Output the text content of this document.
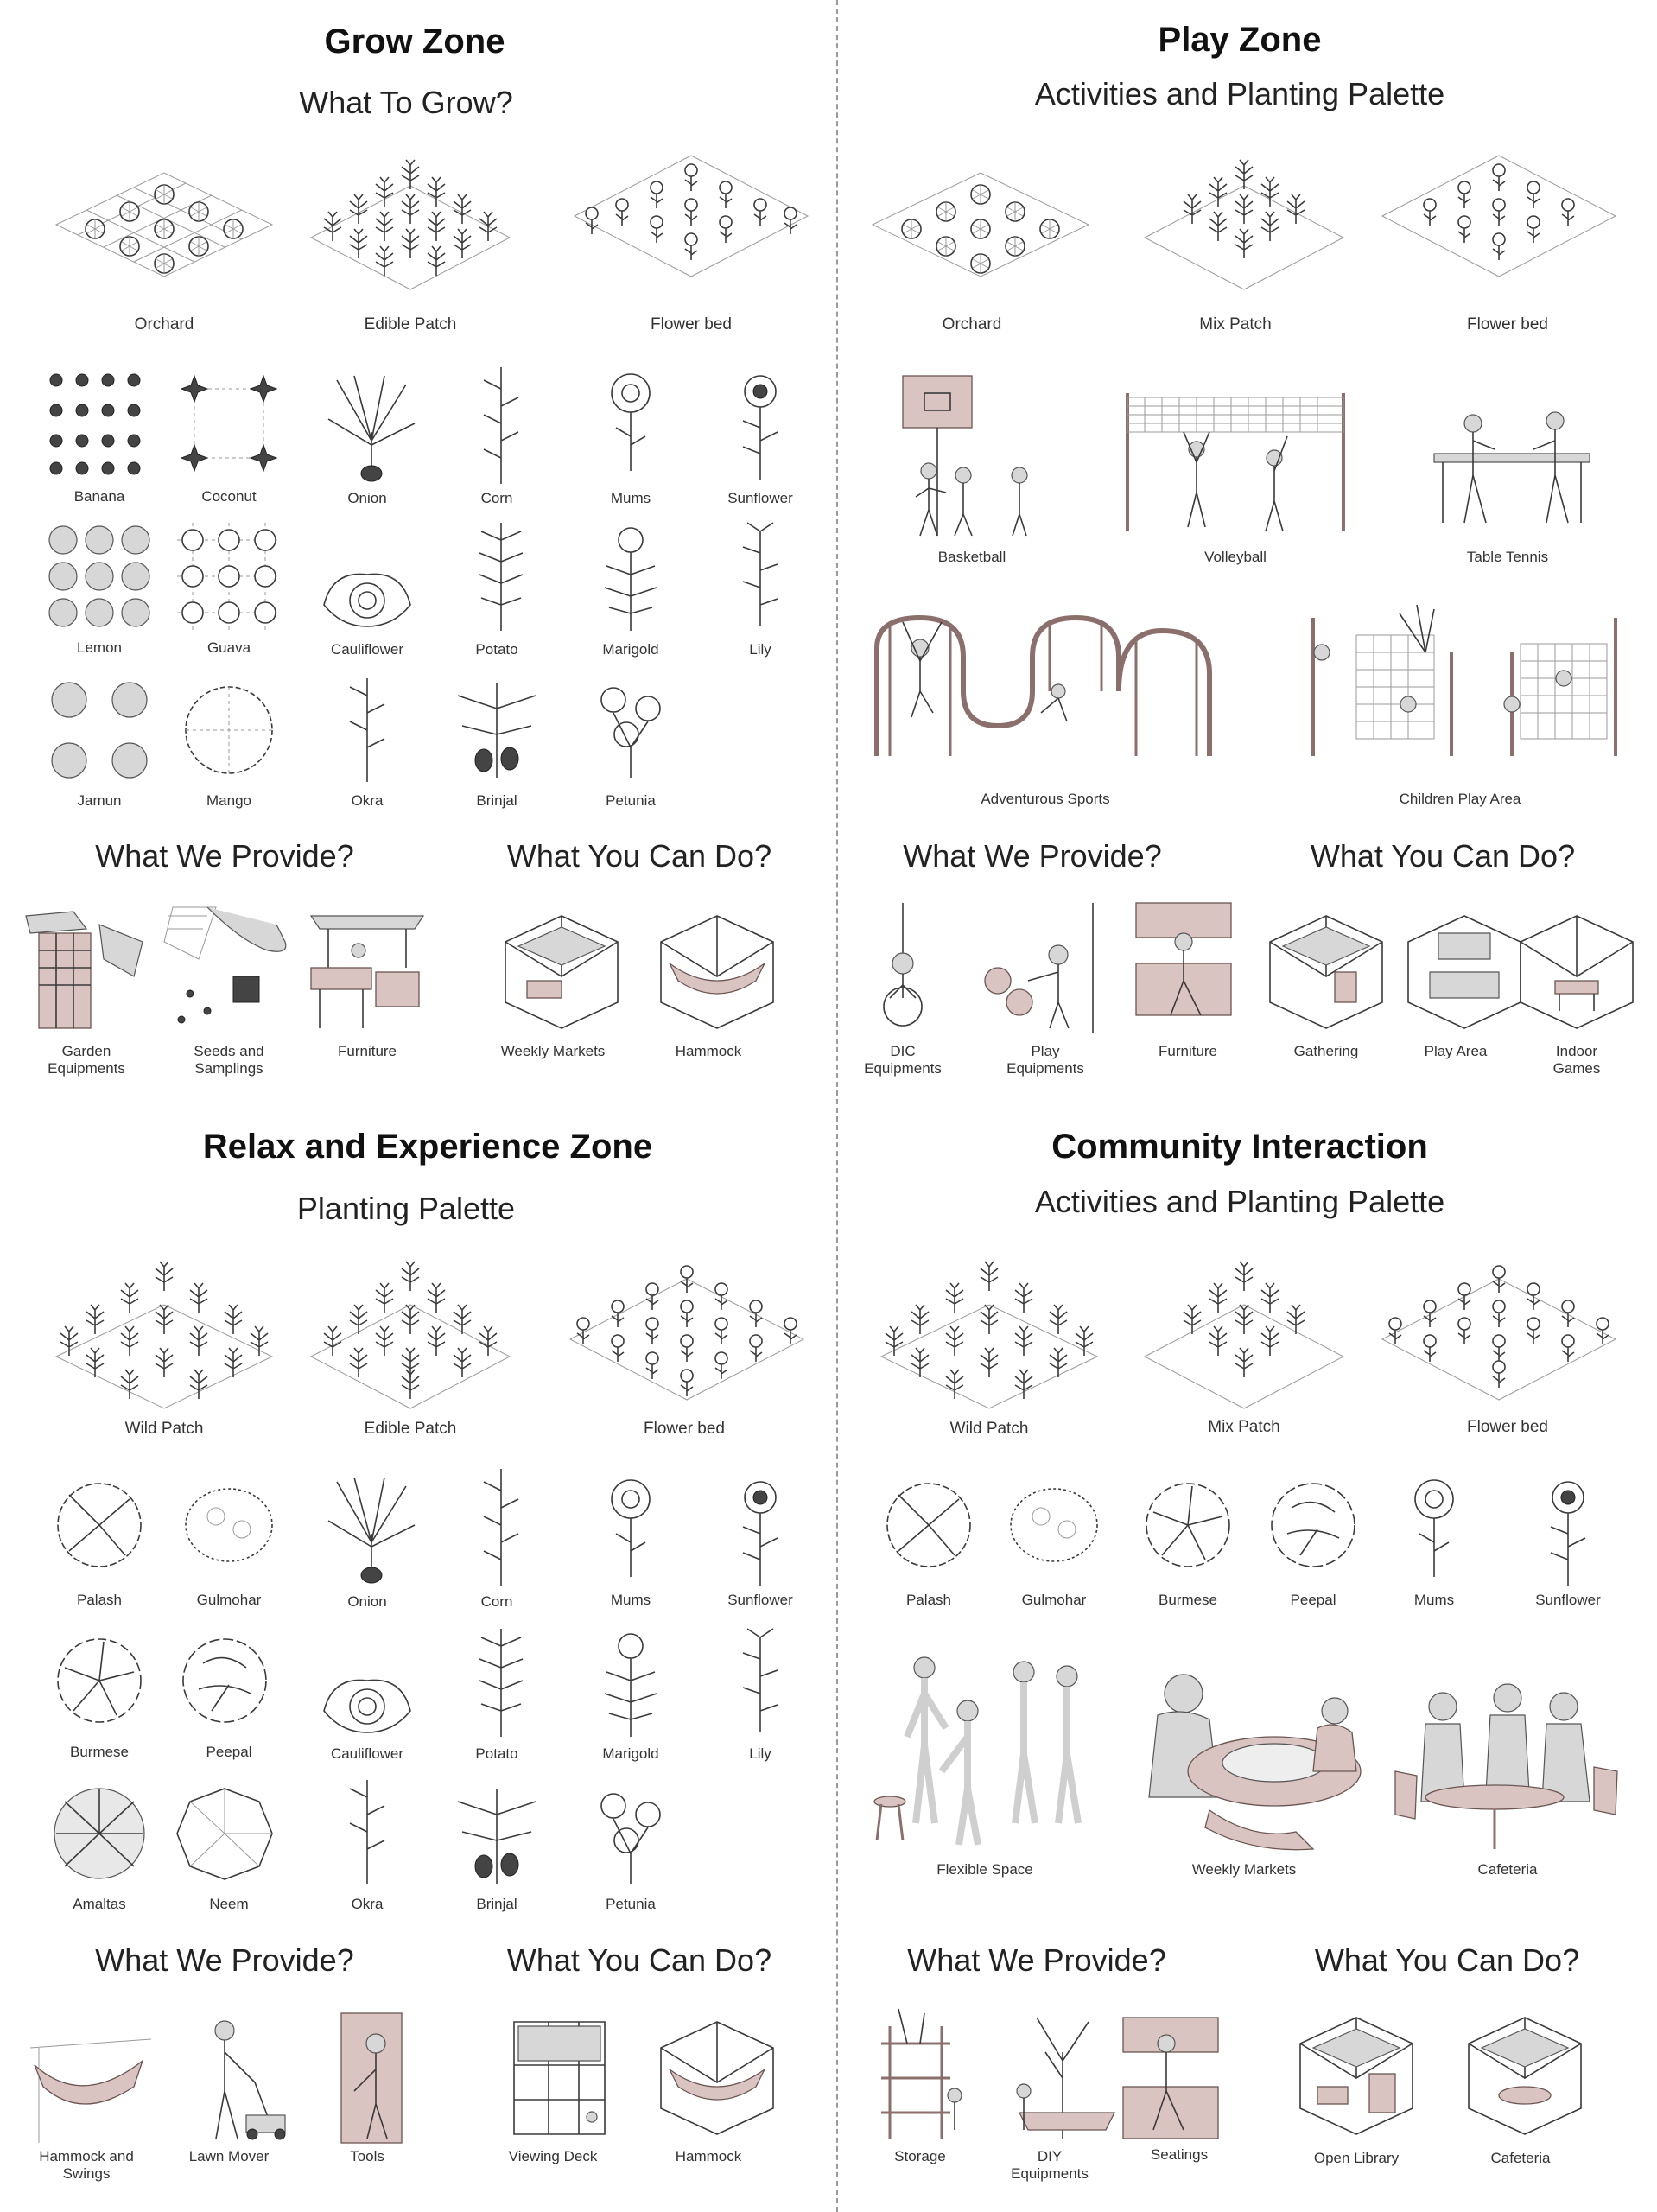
Grow Zone
What To Grow?
Orchard	Edible Patch	Flower bed
Banana	Coconut	Onion	Corn	Mums	Sunflower
Lemon	Guava	Cauliflower	Potato	Marigold	Lily
Jamun	Mango	Okra	Brinjal	Petunia
What We Provide?	What You Can Do?
Garden
Equipments
Seeds and
Samplings
Furniture	Weekly Markets	Hammock
Play Zone
Activities and Planting Palette
Orchard	Mix Patch	Flower bed
Basketball	Volleyball	Table Tennis
Adventurous Sports	Children Play Area
What We Provide?	What You Can Do?
DIC
Equipments
Play
Equipments
Furniture	Gathering	Play Area	Indoor
Games
Relax and Experience Zone
Planting Palette
Wild Patch	Edible Patch	Flower bed
Palash	Gulmohar	Onion	Corn	Mums	Sunflower
Burmese	Peepal	Cauliflower	Potato	Marigold	Lily
Amaltas	Neem	Okra	Brinjal	Petunia
What We Provide?	What You Can Do?
Hammock and
Swings
Lawn Mover	Tools	Viewing Deck	Hammock
Community Interaction
Activities and Planting Palette
Wild Patch	Mix Patch	Flower bed
Palash	Gulmohar	Burmese	Peepal	Mums	Sunflower
Flexible Space	Weekly Markets	Cafeteria
What We Provide?	What You Can Do?
Storage	DIY
Equipments
Seatings	Open Library	Cafeteria
